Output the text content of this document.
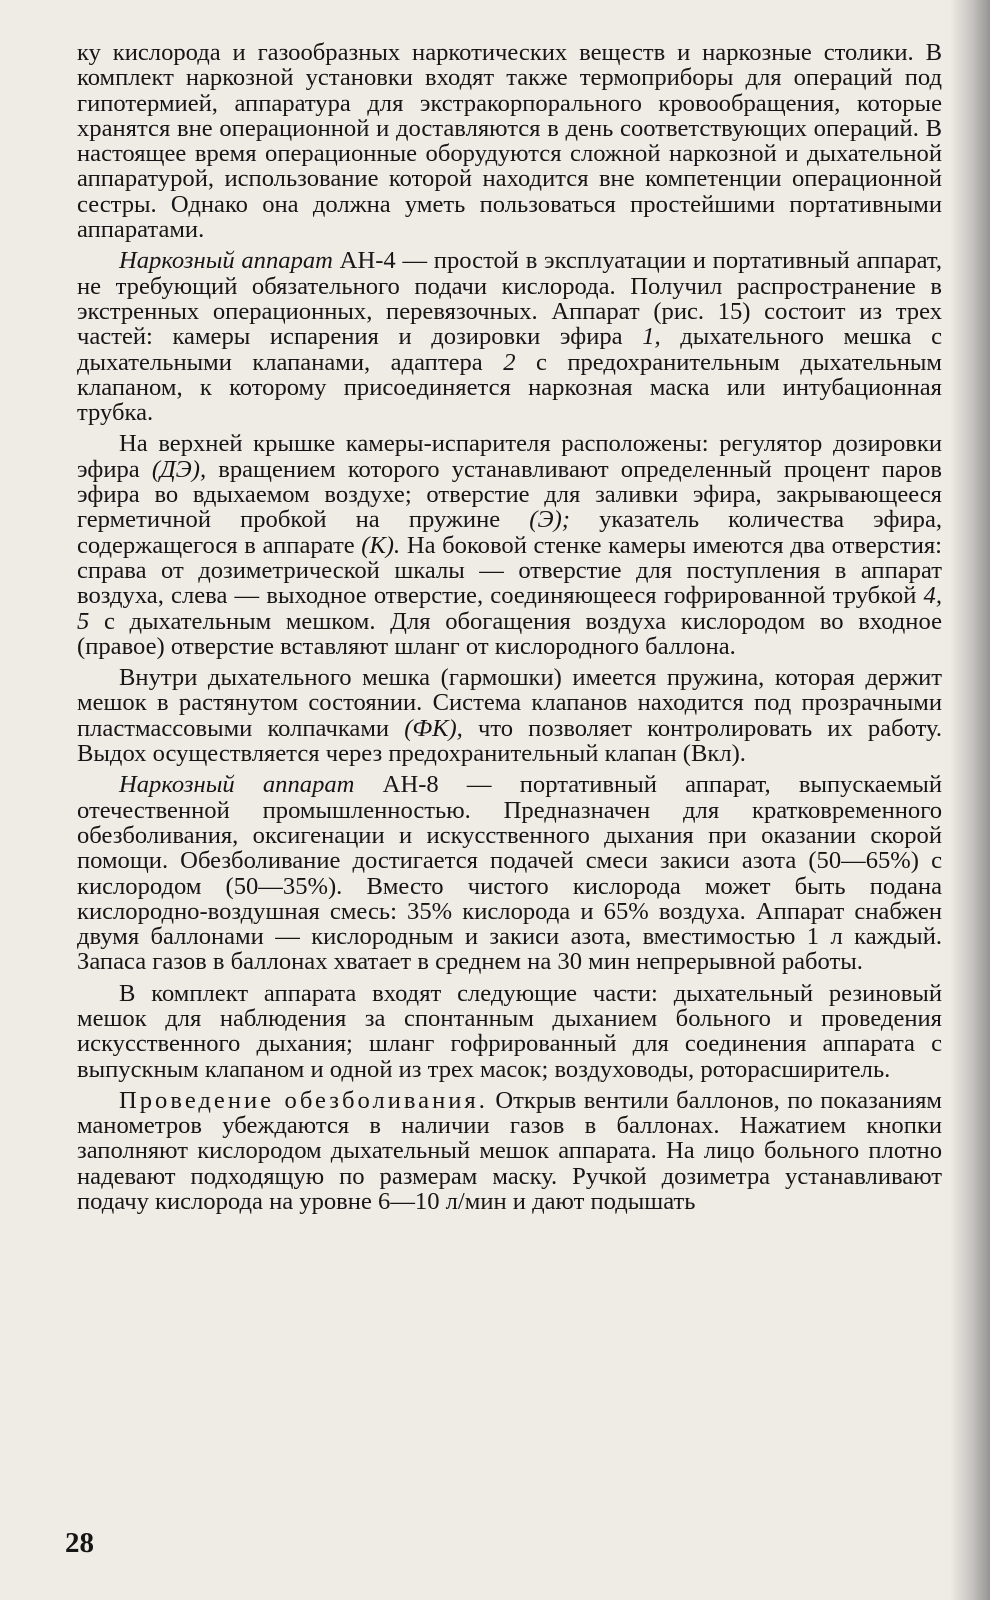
ку кислорода и газообразных наркотических веществ и наркозные столики. В комплект наркозной установки входят также термоприборы для операций под гипотермией, аппаратура для экстракорпорального кровообращения, которые хранятся вне операционной и доставляются в день соответствующих операций. В настоящее время операционные оборудуются сложной наркозной и дыхательной аппаратурой, использование которой находится вне компетенции операционной сестры. Однако она должна уметь пользоваться простейшими портативными аппаратами.

Наркозный аппарат АН-4 — простой в эксплуатации и портативный аппарат, не требующий обязательного подачи кислорода. Получил распространение в экстренных операционных, перевязочных. Аппарат (рис. 15) состоит из трех частей: камеры испарения и дозировки эфира 1, дыхательного мешка с дыхательными клапанами, адаптера 2 с предохранительным дыхательным клапаном, к которому присоединяется наркозная маска или интубационная трубка.

На верхней крышке камеры-испарителя расположены: регулятор дозировки эфира (ДЭ), вращением которого устанавливают определенный процент паров эфира во вдыхаемом воздухе; отверстие для заливки эфира, закрывающееся герметичной пробкой на пружине (Э); указатель количества эфира, содержащегося в аппарате (К). На боковой стенке камеры имеются два отверстия: справа от дозиметрической шкалы — отверстие для поступления в аппарат воздуха, слева — выходное отверстие, соединяющееся гофрированной трубкой 4, 5 с дыхательным мешком. Для обогащения воздуха кислородом во входное (правое) отверстие вставляют шланг от кислородного баллона.

Внутри дыхательного мешка (гармошки) имеется пружина, которая держит мешок в растянутом состоянии. Система клапанов находится под прозрачными пластмассовыми колпачками (ФК), что позволяет контролировать их работу. Выдох осуществляется через предохранительный клапан (Вкл).

Наркозный аппарат АН-8 — портативный аппарат, выпускаемый отечественной промышленностью. Предназначен для кратковременного обезболивания, оксигенации и искусственного дыхания при оказании скорой помощи. Обезболивание достигается подачей смеси закиси азота (50—65%) с кислородом (50—35%). Вместо чистого кислорода может быть подана кислородно-воздушная смесь: 35% кислорода и 65% воздуха. Аппарат снабжен двумя баллонами — кислородным и закиси азота, вместимостью 1 л каждый. Запаса газов в баллонах хватает в среднем на 30 мин непрерывной работы.

В комплект аппарата входят следующие части: дыхательный резиновый мешок для наблюдения за спонтанным дыханием больного и проведения искусственного дыхания; шланг гофрированный для соединения аппарата с выпускным клапаном и одной из трех масок; воздуховоды, роторасширитель.

Проведение обезболивания. Открыв вентили баллонов, по показаниям манометров убеждаются в наличии газов в баллонах. Нажатием кнопки заполняют кислородом дыхательный мешок аппарата. На лицо больного плотно надевают подходящую по размерам маску. Ручкой дозиметра устанавливают подачу кислорода на уровне 6—10 л/мин и дают подышать

28
